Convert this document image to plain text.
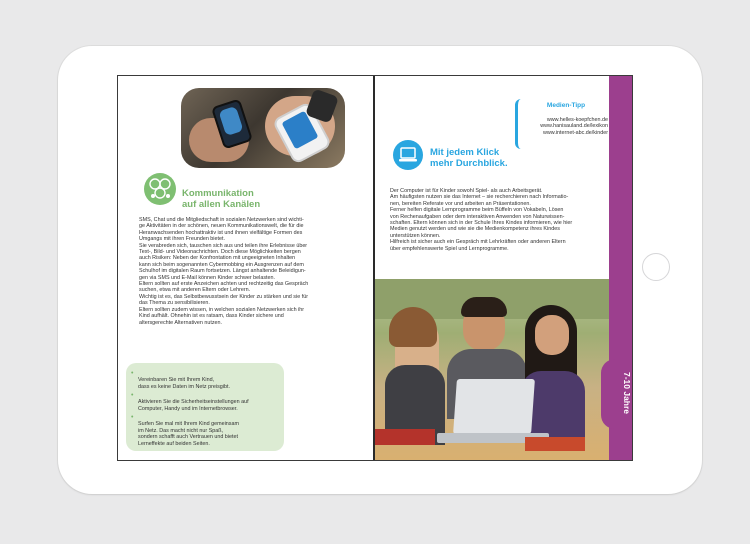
Kommunikation
auf allen Kanälen
SMS, Chat und die Mitgliedschaft in sozialen Netzwerken sind wichti-
ge Aktivitäten in der schönen, neuen Kommunikationswelt, die für die
Heranwachsenden hochattraktiv ist und ihnen vielfältige Formen des
Umgangs mit ihren Freunden bietet.
Sie verabreden sich, tauschen sich aus und teilen ihre Erlebnisse über
Text-, Bild- und Videonachrichten. Doch diese Möglichkeiten bergen
auch Risiken: Neben der Konfrontation mit ungeeigneten Inhalten
kann sich beim sogenannten Cybermobbing ein Ausgrenzen auf dem
Schulhof im digitalen Raum fortsetzen. Längst anhaltende Beleidigun-
gen via SMS und E-Mail können Kinder schwer belasten.
Eltern sollten auf erste Anzeichen achten und rechtzeitig das Gespräch
suchen, etwa mit anderen Eltern oder Lehrern.
Wichtig ist es, das Selbstbewusstsein der Kinder zu stärken und sie für
das Thema zu sensibilisieren.
Eltern sollten zudem wissen, in welchen sozialen Netzwerken sich ihr
Kind aufhält. Ohnehin ist es ratsam, dass Kinder sichere und
altersgerechte Alternativen nutzen.

•
Vereinbaren Sie mit Ihrem Kind,
dass es keine Daten im Netz preisgibt.

•
Aktivieren Sie die Sicherheitseinstellungen auf
Computer, Handy und im Internetbrowser.

•
Surfen Sie mal mit Ihrem Kind gemeinsam
im Netz. Das macht nicht nur Spaß,
sondern schafft auch Vertrauen und bietet
Lerneffekte auf beiden Seiten.

Medien-Tipp
www.helles-koepfchen.de
www.hanisauland.de/lexikon
www.internet-abc.de/kinder
Mit jedem Klick
mehr Durchblick.
Der Computer ist für Kinder sowohl Spiel- als auch Arbeitsgerät.
Am häufigsten nutzen sie das Internet – sie recherchieren nach Informatio-
nen, bereiten Referate vor und arbeiten an Präsentationen.
Ferner helfen digitale Lernprogramme beim Büffeln von Vokabeln, Lösen
von Rechenaufgaben oder dem interaktiven Anwenden von Naturwissen-
schaften. Eltern können sich in der Schule Ihres Kindes informieren, wie hier
Medien genutzt werden und wie sie die Medienkompetenz ihres Kindes
unterstützen können.
Hilfreich ist sicher auch ein Gespräch mit Lehrkräften oder anderen Eltern
über empfehlenswerte Spiel und Lernprogramme.
7-10 Jahre
